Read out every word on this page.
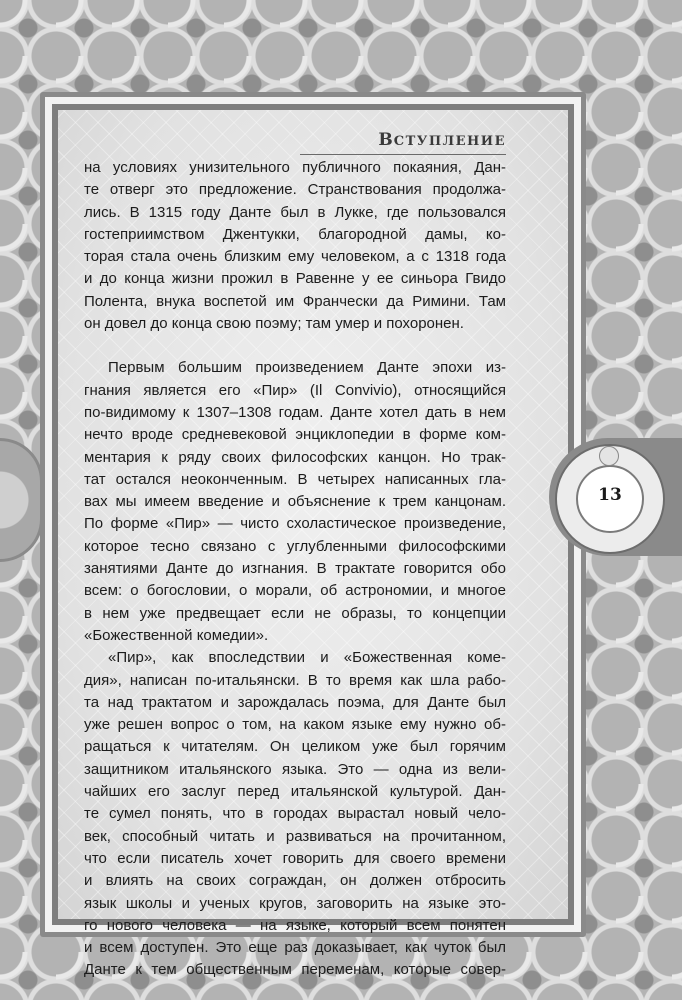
ВСТУПЛЕНИЕ

на условиях унизительного публичного покаяния, Дан-

те отверг это предложение. Странствования продолжа-

лись. В 1315 году Данте был в Лукке, где пользовался

гостеприимством Джентукки, благородной дамы, ко-

торая стала очень близким ему человеком, а с 1318 года

и до конца жизни прожил в Равенне у ее синьора Гвидо

Полента, внука воспетой им Франчески да Римини. Там

он довел до конца свою поэму; там умер и похоронен.

Первым большим произведением Данте эпохи из-

гнания является его «Пир» (Il Convivio), относящийся

по-видимому к 1307–1308 годам. Данте хотел дать в нем

нечто вроде средневековой энциклопедии в форме ком-

ментария к ряду своих философских канцон. Но трак-

тат остался неоконченным. В четырех написанных гла-

вах мы имеем введение и объяснение к трем канцонам.

По форме «Пир» — чисто схоластическое произведение,

которое тесно связано с углубленными философскими

занятиями Данте до изгнания. В трактате говорится обо

всем: о богословии, о морали, об астрономии, и многое

в нем уже предвещает если не образы, то концепции

«Божественной комедии».

«Пир», как впоследствии и «Божественная коме-

дия», написан по-итальянски. В то время как шла рабо-

та над трактатом и зарождалась поэма, для Данте был

уже решен вопрос о том, на каком языке ему нужно об-

ращаться к читателям. Он целиком уже был горячим

защитником итальянского языка. Это — одна из вели-

чайших его заслуг перед итальянской культурой. Дан-

те сумел понять, что в городах вырастал новый чело-

век, способный читать и развиваться на прочитанном,

что если писатель хочет говорить для своего времени

и влиять на своих сограждан, он должен отбросить

язык школы и ученых кругов, заговорить на языке это-

го нового человека — на языке, который всем понятен

и всем доступен. Это еще раз доказывает, как чуток был

Данте к тем общественным переменам, которые совер-

13
